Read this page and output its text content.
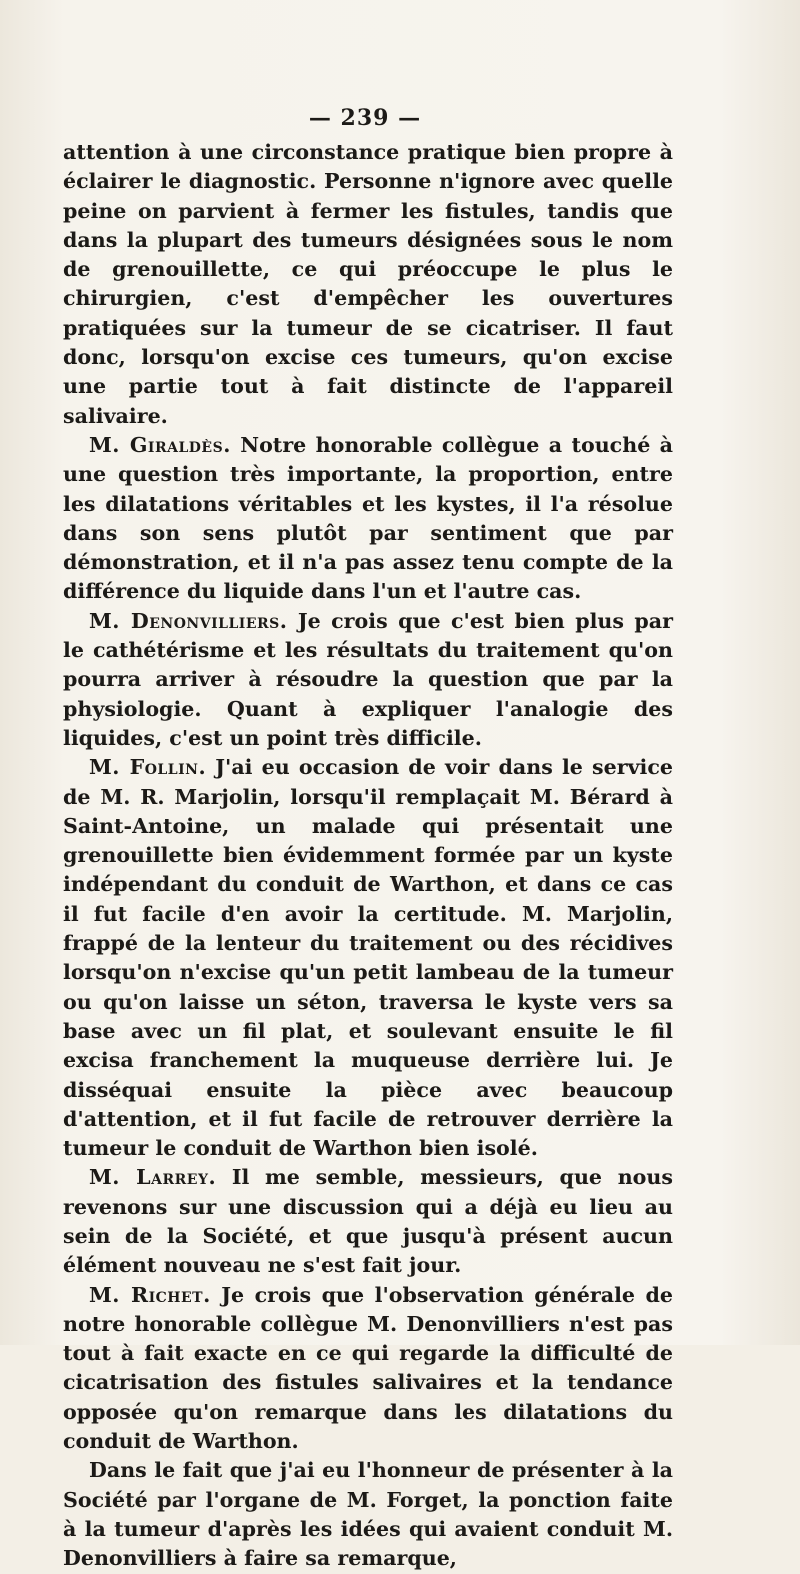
— 239 —

attention à une circonstance pratique bien propre à éclairer le diagnostic. Personne n'ignore avec quelle peine on parvient à fermer les fistules, tandis que dans la plupart des tumeurs désignées sous le nom de grenouillette, ce qui préoccupe le plus le chirurgien, c'est d'empêcher les ouvertures pratiquées sur la tumeur de se cicatriser. Il faut donc, lorsqu'on excise ces tumeurs, qu'on excise une partie tout à fait distincte de l'appareil salivaire.

M. Giraldès. Notre honorable collègue a touché à une question très importante, la proportion, entre les dilatations véritables et les kystes, il l'a résolue dans son sens plutôt par sentiment que par démonstration, et il n'a pas assez tenu compte de la différence du liquide dans l'un et l'autre cas.

M. Denonvilliers. Je crois que c'est bien plus par le cathétérisme et les résultats du traitement qu'on pourra arriver à résoudre la question que par la physiologie. Quant à expliquer l'analogie des liquides, c'est un point très difficile.

M. Follin. J'ai eu occasion de voir dans le service de M. R. Marjolin, lorsqu'il remplaçait M. Bérard à Saint-Antoine, un malade qui présentait une grenouillette bien évidemment formée par un kyste indépendant du conduit de Warthon, et dans ce cas il fut facile d'en avoir la certitude. M. Marjolin, frappé de la lenteur du traitement ou des récidives lorsqu'on n'excise qu'un petit lambeau de la tumeur ou qu'on laisse un séton, traversa le kyste vers sa base avec un fil plat, et soulevant ensuite le fil excisa franchement la muqueuse derrière lui. Je disséquai ensuite la pièce avec beaucoup d'attention, et il fut facile de retrouver derrière la tumeur le conduit de Warthon bien isolé.

M. Larrey. Il me semble, messieurs, que nous revenons sur une discussion qui a déjà eu lieu au sein de la Société, et que jusqu'à présent aucun élément nouveau ne s'est fait jour.

M. Richet. Je crois que l'observation générale de notre honorable collègue M. Denonvilliers n'est pas tout à fait exacte en ce qui regarde la difficulté de cicatrisation des fistules salivaires et la tendance opposée qu'on remarque dans les dilatations du conduit de Warthon.

Dans le fait que j'ai eu l'honneur de présenter à la Société par l'organe de M. Forget, la ponction faite à la tumeur d'après les idées qui avaient conduit M. Denonvilliers à faire sa remarque,
